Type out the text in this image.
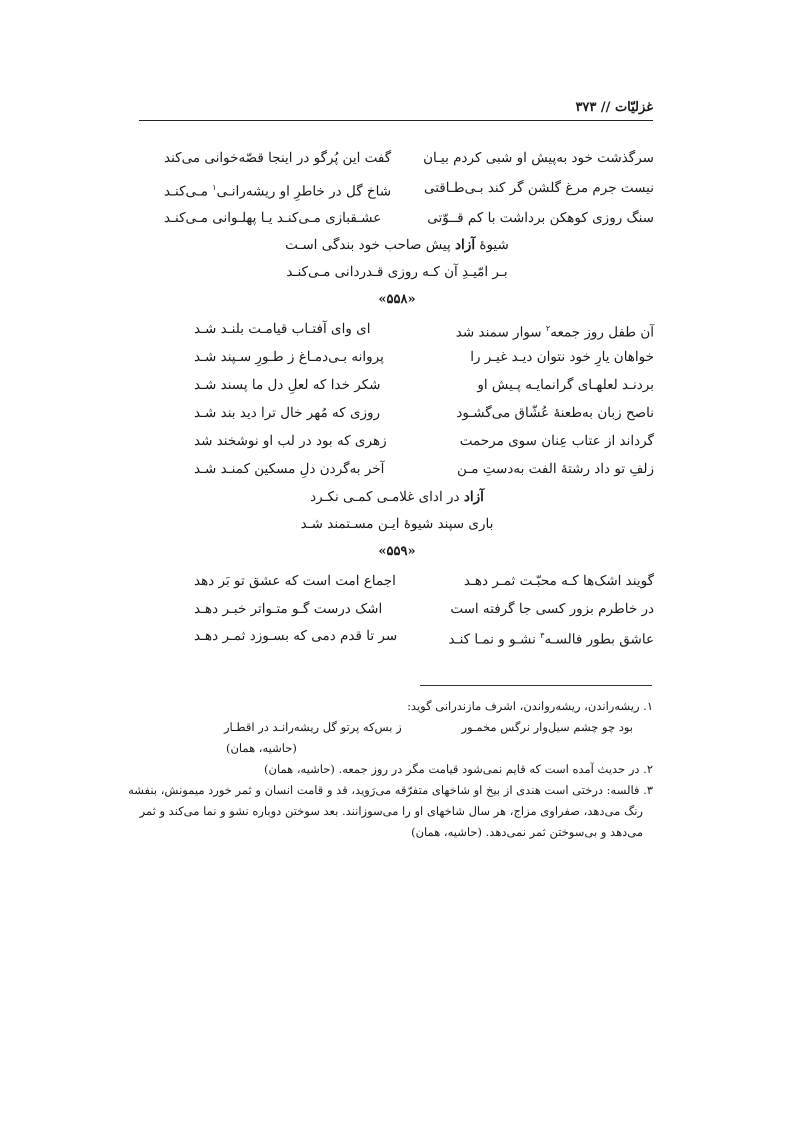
غزلیّات // ۳۷۳
سرگذشت خود به‌پیش او شبی کردم بیـان
گفت این پُرگو در اینجا قصّه‌خوانی می‌کند
نیست جرم مرغ گلشن گر کند بـی‌طـاقتی
شاخ گل در خاطرِ او ریشه‌رانـی$^۱$ مـی‌کنـد
سنگ روزی کوهکن برداشت با کم قــوّتی
عشـقبازی مـی‌کنـد یـا پهلـوانی مـی‌کنـد
شیوهٔ آزاد پیش صاحب خود بندگی اسـت
بـر امّیـدِ آن کـه روزی قـدردانی مـی‌کنـد
«۵۵۸»
آن طفل روز جمعه$^۲$ سوار سمند شد
ای وای آفتـاب قیامـت بلنـد شـد
خواهان یارِ خود نتوان دیـد غیـر را
پروانه بـی‌دمـاغ ز طـورِ سـپند شـد
بردنـد لعلهـای گرانمایـه پـیش او
شکر خدا که لعلِ دل ما پسند شـد
ناصح زبان به‌طعنهٔ عُشّاق می‌گشـود
روزی که مُهر خال ترا دید بند شـد
گرداند از عتاب عِنان سوی مرحمت
زهری که بود در لب او نوشخند شد
زلفِ تو داد رشتهٔ الفت به‌دستِ مـن
آخر به‌گردن دلِ مسکین کمنـد شـد
آزاد در ادای غلامـی کمـی نکـرد
باری سپند شیوهٔ ایـن مسـتمند شـد
«۵۵۹»
گویند اشک‌ها کـه محبّـت ثمـر دهـد
اجماع امت است که عشق تو بَر دهد
در خاطرم بزور کسی جا گرفته است
اشک درست گـو متـواتر خبـر دهـد
عاشق بطور فالسـه$^۳$ نشـو و نمـا کنـد
سر تا قدم دمی که بسـوزد ثمـر دهـد
۱. ریشه‌راندن، ریشه‌رواندن، اشرف مازندرانی گوید:
بود چو چشم سیل‌وار نرگس مخمـور
ز بس‌که پرتو گل ریشه‌رانـد در اقطـار
(حاشیه، همان)
۲. در حدیث آمده است که قایم نمی‌شود قیامت مگر در روز جمعه. (حاشیه، همان)
۳. فالسه: درختی است هندی از بیخ او شاخهای متفرّقه می‌رَوید، قد و قامت انسان و ثمر خورد میمونش، بنفشه
رنگ می‌دهد، صفراوی مزاج، هر سال شاخهای او را می‌سوزانند. بعد سوختن دوباره نشو و نما می‌کند و ثمر
می‌دهد و بی‌سوختن ثمر نمی‌دهد. (حاشیه، همان)
